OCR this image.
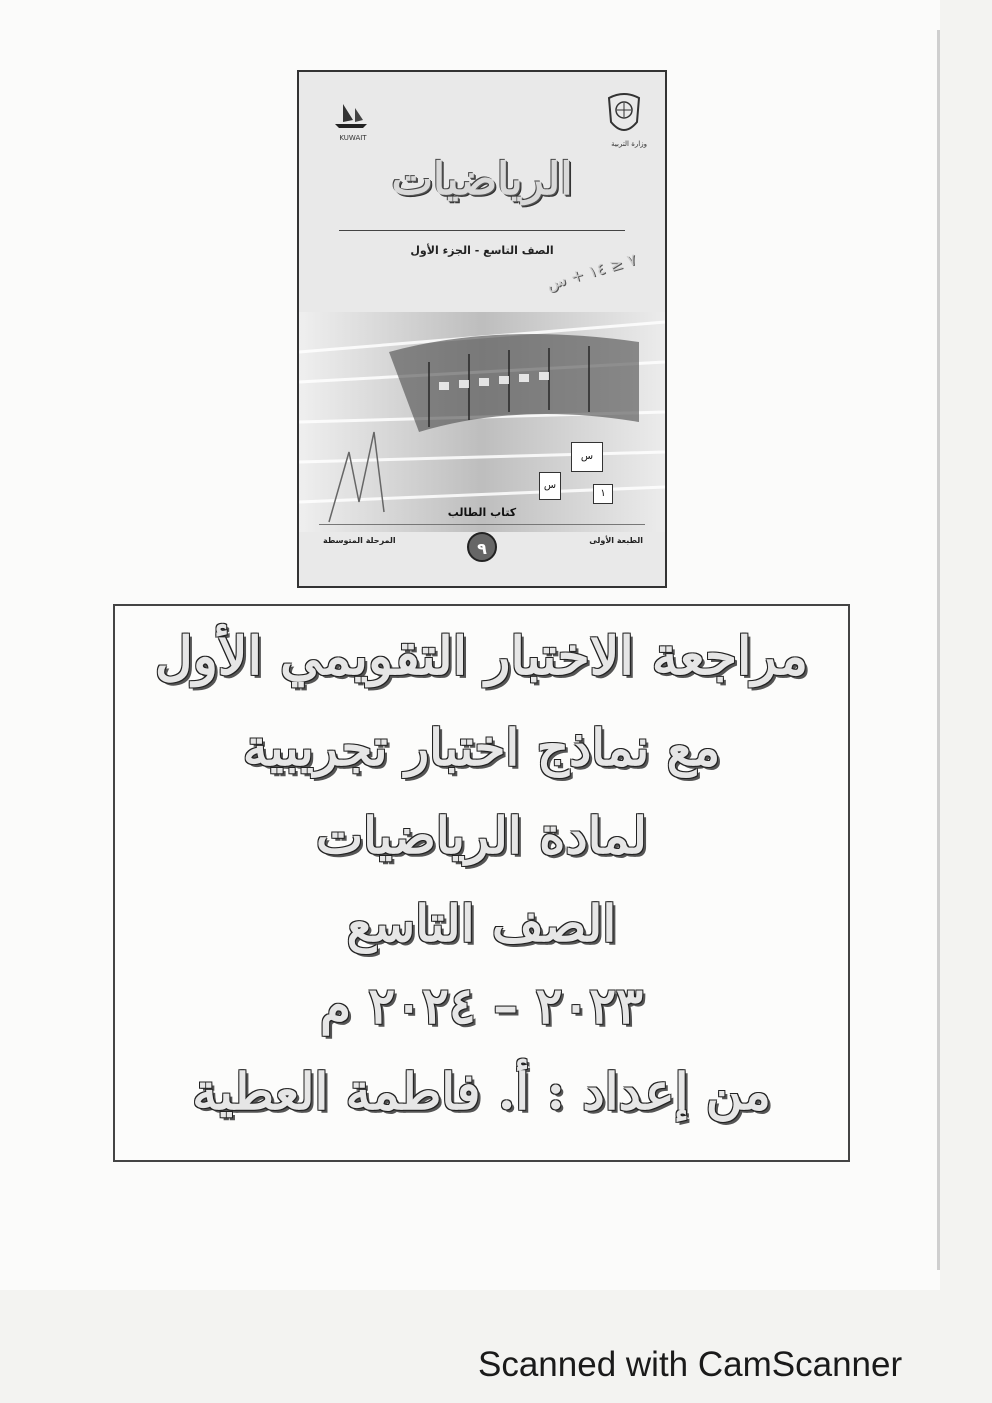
KUWAIT
وزارة التربية
الرياضيات
الصف التاسع - الجزء الأول
٧ ≤ ١٤ + س
س
س
١
كتاب الطالب
الطبعة الأولى
المرحلة المتوسطة	٩
مراجعة الاختبار التقويمي الأول
مع نماذج اختبار تجريبية
لمادة الرياضيات
الصف التاسع
٢٠٢٣ – ٢٠٢٤ م
من إعداد : أ. فاطمة العطية
Scanned with CamScanner
